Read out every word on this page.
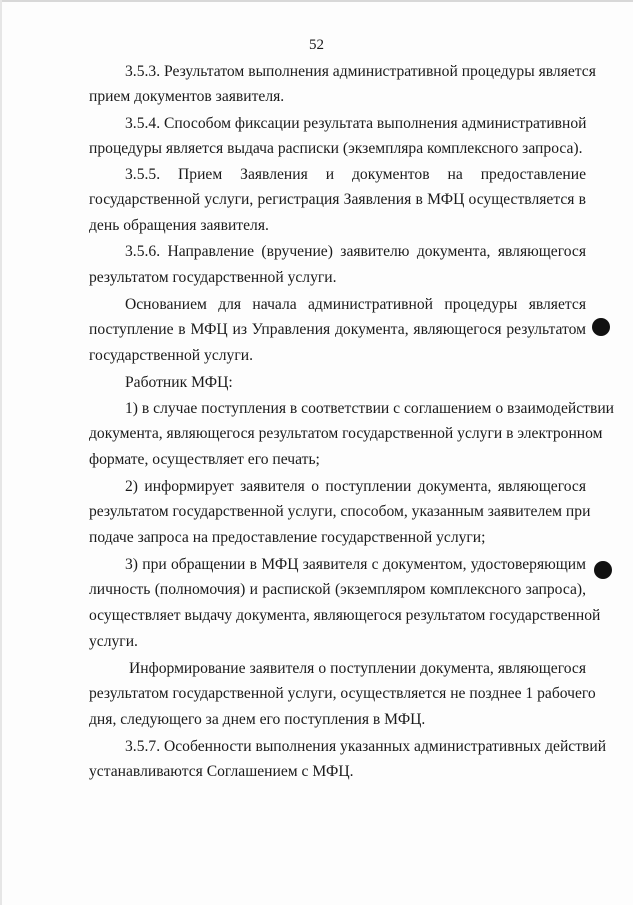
52
3.5.3. Результатом выполнения административной процедуры является
прием документов заявителя.
3.5.4. Способом фиксации результата выполнения административной
процедуры является выдача расписки (экземпляра комплексного запроса).
3.5.5. Прием Заявления и документов на предоставление
государственной услуги, регистрация Заявления в МФЦ осуществляется в
день обращения заявителя.
3.5.6. Направление (вручение) заявителю документа, являющегося
результатом государственной услуги.
Основанием для начала административной процедуры является
поступление в МФЦ из Управления документа, являющегося результатом
государственной услуги.
Работник МФЦ:
1) в случае поступления в соответствии с соглашением о взаимодействии
документа, являющегося результатом государственной услуги в электронном
формате, осуществляет его печать;
2) информирует заявителя о поступлении документа, являющегося
результатом государственной услуги, способом, указанным заявителем при
подаче запроса на предоставление государственной услуги;
3) при обращении в МФЦ заявителя с документом, удостоверяющим
личность (полномочия) и распиской (экземпляром комплексного запроса),
осуществляет выдачу документа, являющегося результатом государственной
услуги.
Информирование заявителя о поступлении документа, являющегося
результатом государственной услуги, осуществляется не позднее 1 рабочего
дня, следующего за днем его поступления в МФЦ.
3.5.7. Особенности выполнения указанных административных действий
устанавливаются Соглашением с МФЦ.
